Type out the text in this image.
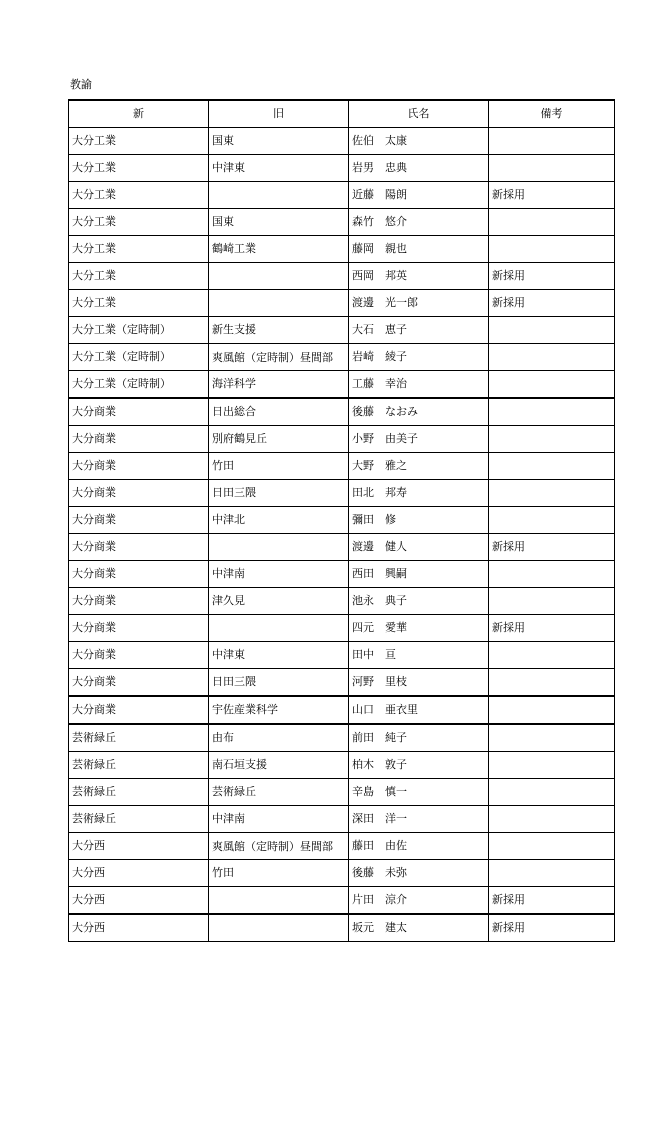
教諭
新	旧	氏名	備考
大分工業	国東	佐伯　太康	
大分工業	中津東	岩男　忠典	
大分工業		近藤　陽朗	新採用
大分工業	国東	森竹　悠介	
大分工業	鶴崎工業	藤岡　親也	
大分工業		西岡　邦英	新採用
大分工業		渡邊　光一郎	新採用
大分工業（定時制）	新生支援	大石　恵子	
大分工業（定時制）	爽風館（定時制）昼間部	岩崎　綾子	
大分工業（定時制）	海洋科学	工藤　幸治	
大分商業	日出総合	後藤　なおみ	
大分商業	別府鶴見丘	小野　由美子	
大分商業	竹田	大野　雅之	
大分商業	日田三隈	田北　邦寿	
大分商業	中津北	彌田　修	
大分商業		渡邊　健人	新採用
大分商業	中津南	西田　興嗣	
大分商業	津久見	池永　典子	
大分商業		四元　愛華	新採用
大分商業	中津東	田中　亘	
大分商業	日田三隈	河野　里枝	
大分商業	宇佐産業科学	山口　亜衣里	
芸術緑丘	由布	前田　純子	
芸術緑丘	南石垣支援	柏木　敦子	
芸術緑丘	芸術緑丘	辛島　慎一	
芸術緑丘	中津南	深田　洋一	
大分西	爽風館（定時制）昼間部	藤田　由佐	
大分西	竹田	後藤　未弥	
大分西		片田　涼介	新採用
大分西		坂元　建太	新採用
